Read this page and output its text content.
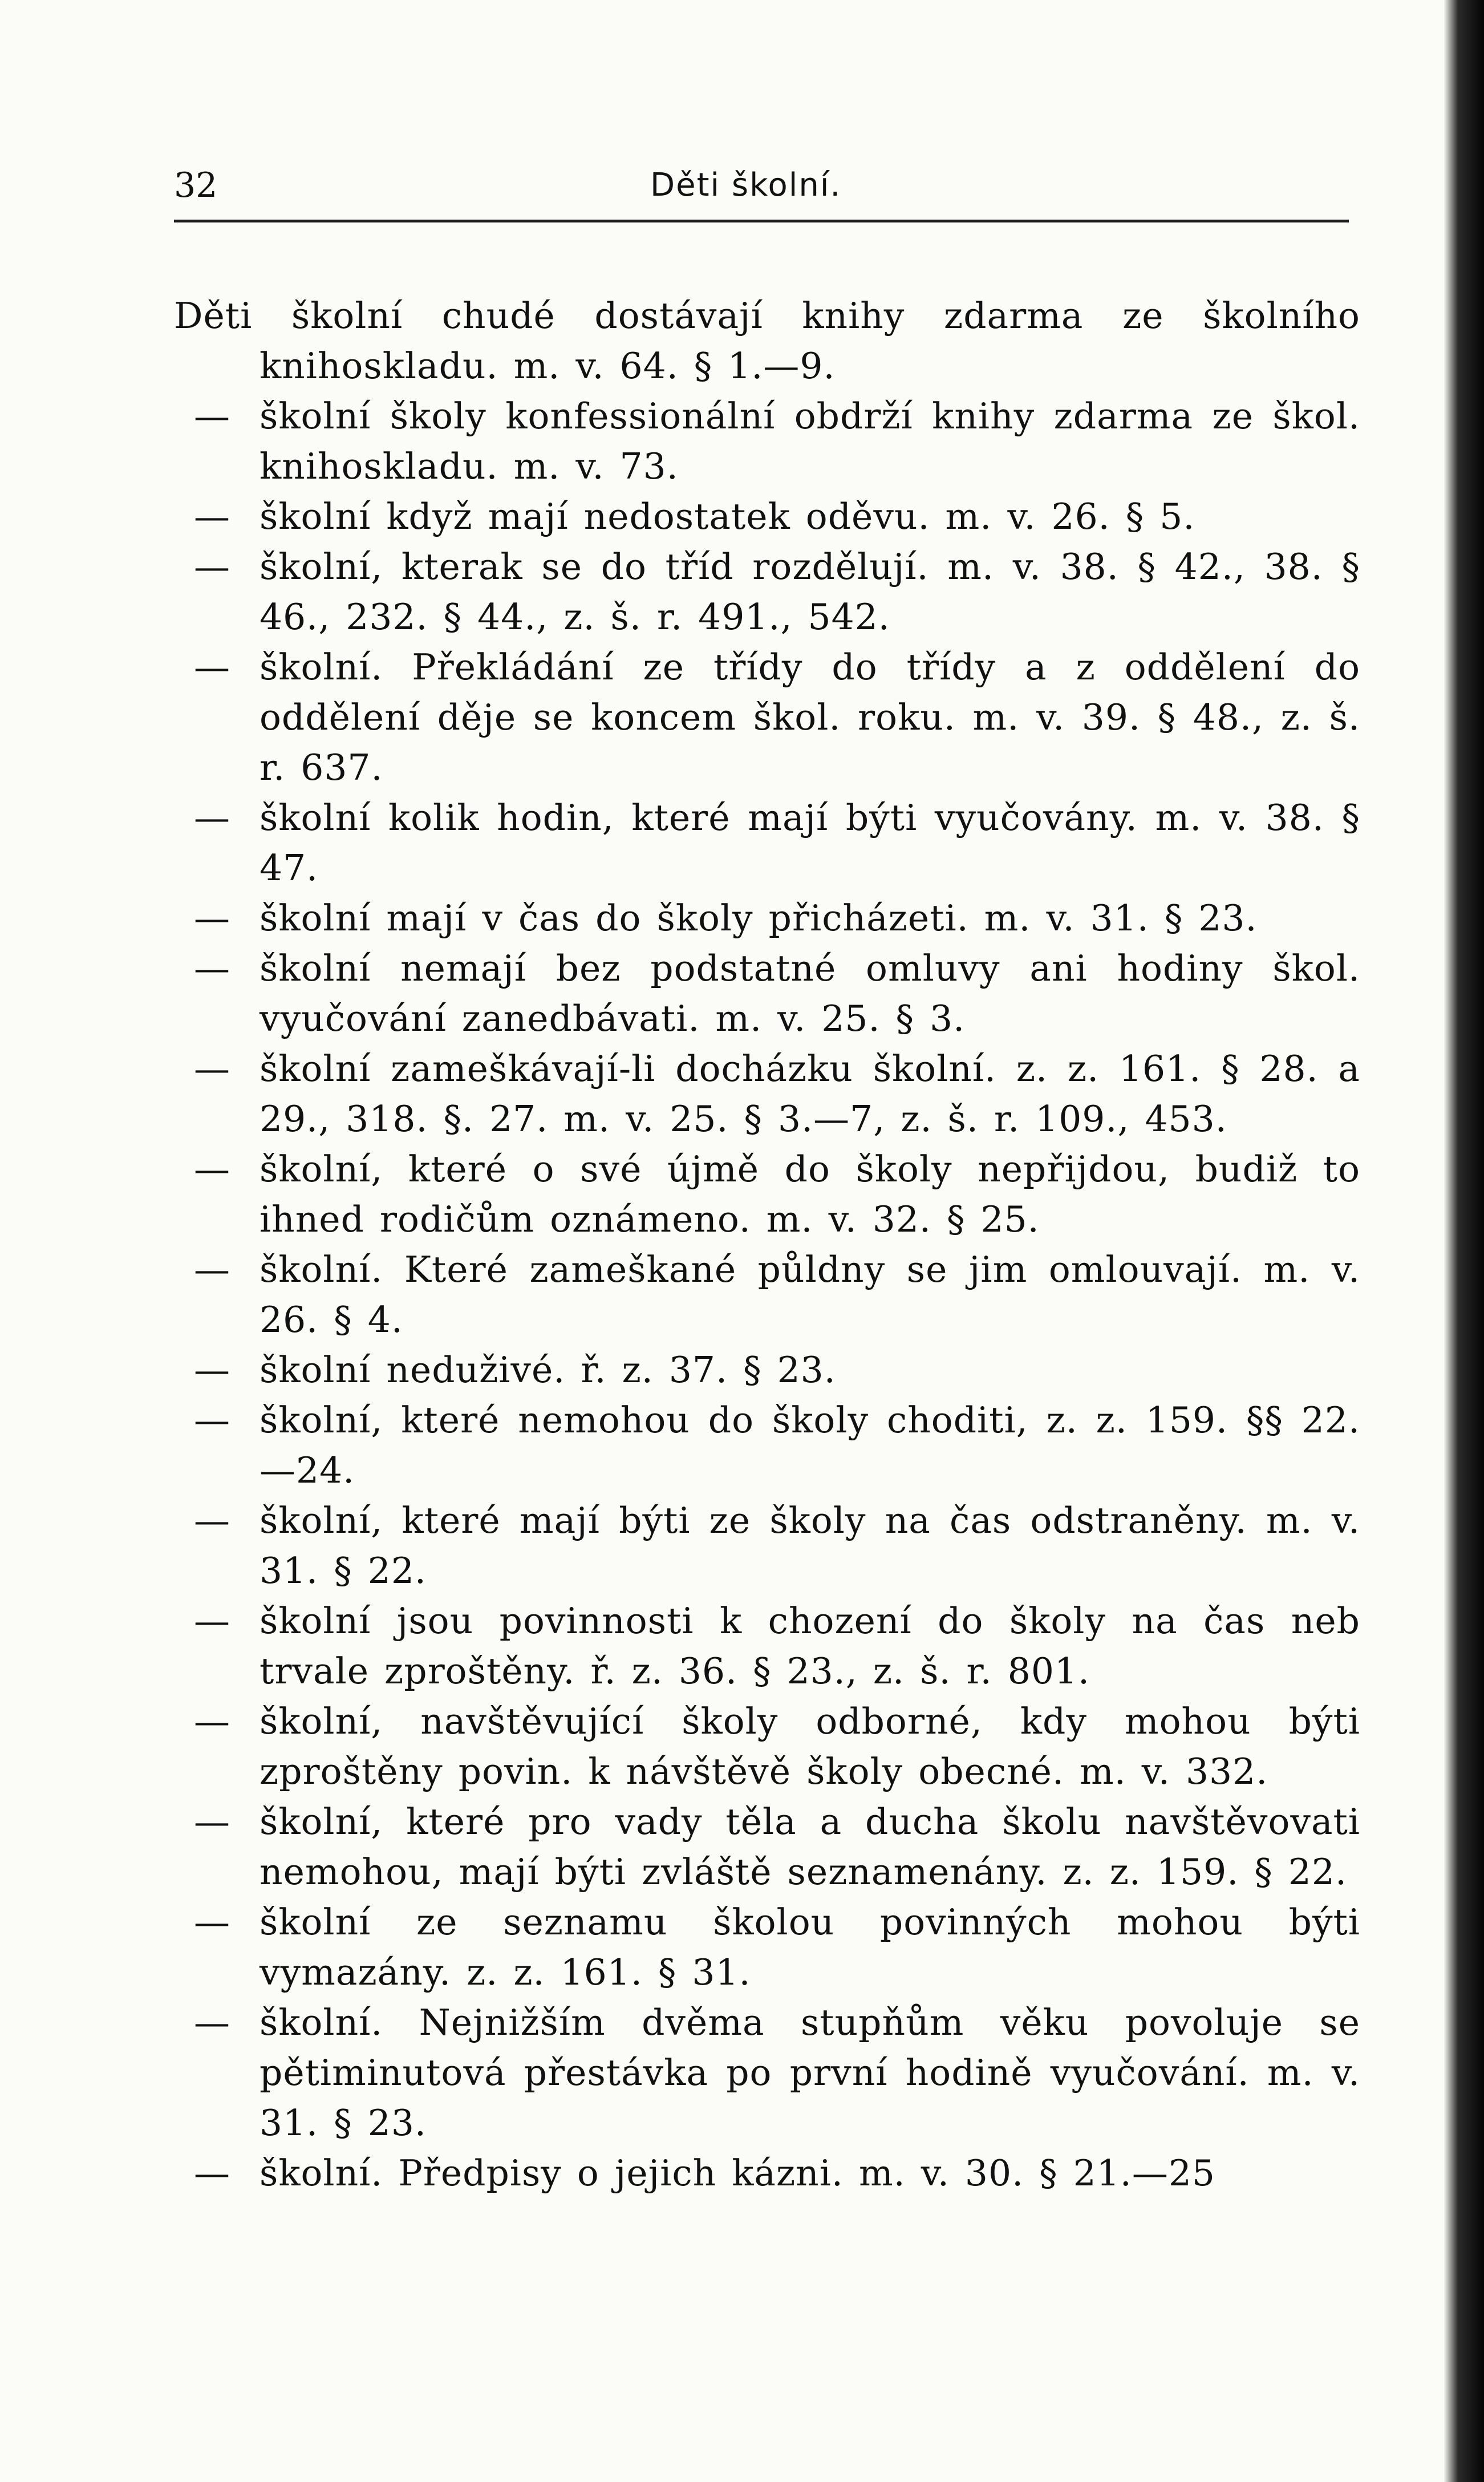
32	Děti školní.
Děti školní chudé dostávají knihy zdarma ze školního knihoskladu. m. v. 64. § 1.—9.
— školní školy konfessionální obdrží knihy zdarma ze škol. knihoskladu. m. v. 73.
— školní když mají nedostatek oděvu. m. v. 26. § 5.
— školní, kterak se do tříd rozdělují. m. v. 38. § 42., 38. § 46., 232. § 44., z. š. r. 491., 542.
— školní. Překládání ze třídy do třídy a z oddělení do oddělení děje se koncem škol. roku. m. v. 39. § 48., z. š. r. 637.
— školní kolik hodin, které mají býti vyučovány. m. v. 38. § 47.
— školní mají v čas do školy přicházeti. m. v. 31. § 23.
— školní nemají bez podstatné omluvy ani hodiny škol. vyučování zanedbávati. m. v. 25. § 3.
— školní zameškávají-li docházku školní. z. z. 161. § 28. a 29., 318. §. 27. m. v. 25. § 3.—7, z. š. r. 109., 453.
— školní, které o své újmě do školy nepřijdou, budiž to ihned rodičům oznámeno. m. v. 32. § 25.
— školní. Které zameškané půldny se jim omlouvají. m. v. 26. § 4.
— školní neduživé. ř. z. 37. § 23.
— školní, které nemohou do školy choditi, z. z. 159. §§ 22.—24.
— školní, které mají býti ze školy na čas odstraněny. m. v. 31. § 22.
— školní jsou povinnosti k chození do školy na čas neb trvale zproštěny. ř. z. 36. § 23., z. š. r. 801.
— školní, navštěvující školy odborné, kdy mohou býti zproštěny povin. k návštěvě školy obecné. m. v. 332.
— školní, které pro vady těla a ducha školu navštěvovati nemohou, mají býti zvláště seznamenány. z. z. 159. § 22.
— školní ze seznamu školou povinných mohou býti vymazány. z. z. 161. § 31.
— školní. Nejnižším dvěma stupňům věku povoluje se pětiminutová přestávka po první hodině vyučování. m. v. 31. § 23.
— školní. Předpisy o jejich kázni. m. v. 30. § 21.—25
